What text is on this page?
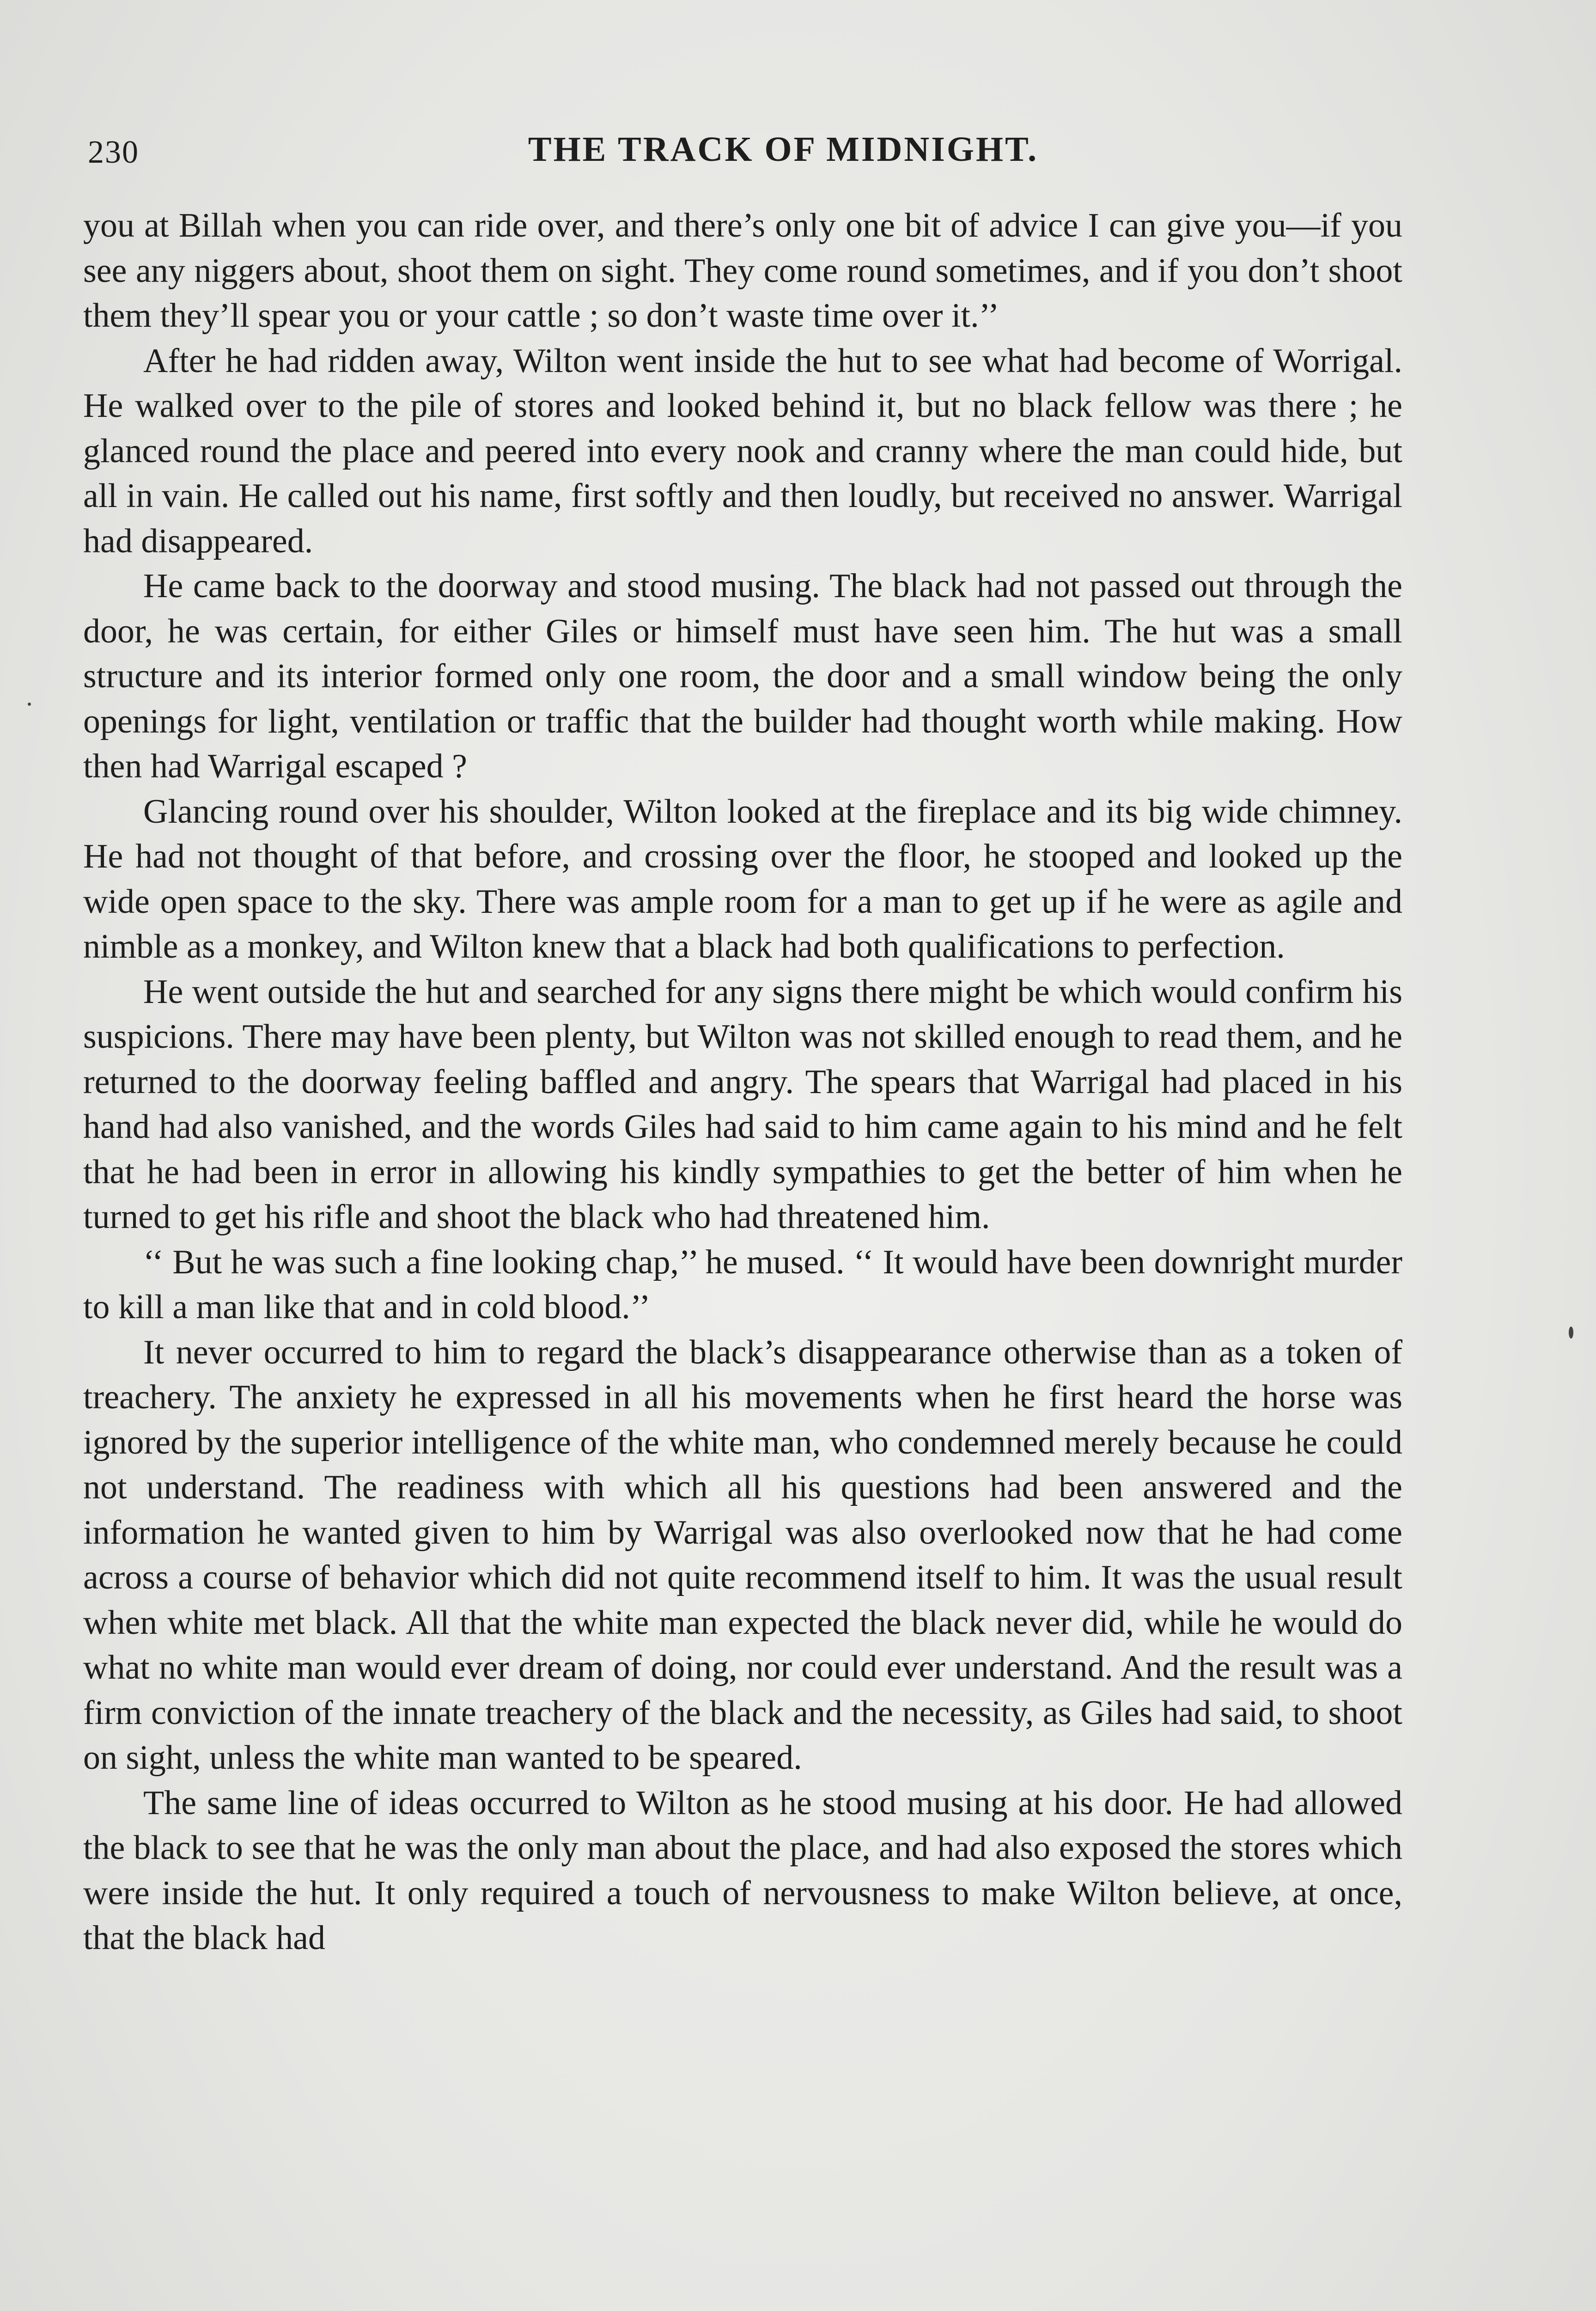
230	THE TRACK OF MIDNIGHT.

you at Billah when you can ride over, and there’s only one bit of advice I can give you—if you see any niggers about, shoot them on sight. They come round sometimes, and if you don’t shoot them they’ll spear you or your cattle ; so don’t waste time over it.’’

After he had ridden away, Wilton went inside the hut to see what had become of Worrigal. He walked over to the pile of stores and looked behind it, but no black fellow was there ; he glanced round the place and peered into every nook and cranny where the man could hide, but all in vain. He called out his name, first softly and then loudly, but received no answer. Warrigal had disappeared.

He came back to the doorway and stood musing. The black had not passed out through the door, he was certain, for either Giles or himself must have seen him. The hut was a small structure and its interior formed only one room, the door and a small window being the only openings for light, ventilation or traffic that the builder had thought worth while making. How then had Warrigal escaped ?

Glancing round over his shoulder, Wilton looked at the fireplace and its big wide chimney. He had not thought of that before, and crossing over the floor, he stooped and looked up the wide open space to the sky. There was ample room for a man to get up if he were as agile and nimble as a monkey, and Wilton knew that a black had both qualifications to perfection.

He went outside the hut and searched for any signs there might be which would confirm his suspicions. There may have been plenty, but Wilton was not skilled enough to read them, and he returned to the doorway feeling baffled and angry. The spears that Warrigal had placed in his hand had also vanished, and the words Giles had said to him came again to his mind and he felt that he had been in error in allowing his kindly sympathies to get the better of him when he turned to get his rifle and shoot the black who had threatened him.

‘‘ But he was such a fine looking chap,’’ he mused. ‘‘ It would have been downright murder to kill a man like that and in cold blood.’’

It never occurred to him to regard the black’s disappearance otherwise than as a token of treachery. The anxiety he expressed in all his movements when he first heard the horse was ignored by the superior intelligence of the white man, who condemned merely because he could not understand. The readiness with which all his questions had been answered and the information he wanted given to him by Warrigal was also overlooked now that he had come across a course of behavior which did not quite recommend itself to him. It was the usual result when white met black. All that the white man expected the black never did, while he would do what no white man would ever dream of doing, nor could ever understand. And the result was a firm conviction of the innate treachery of the black and the necessity, as Giles had said, to shoot on sight, unless the white man wanted to be speared.

The same line of ideas occurred to Wilton as he stood musing at his door. He had allowed the black to see that he was the only man about the place, and had also exposed the stores which were inside the hut. It only required a touch of nervousness to make Wilton believe, at once, that the black had
